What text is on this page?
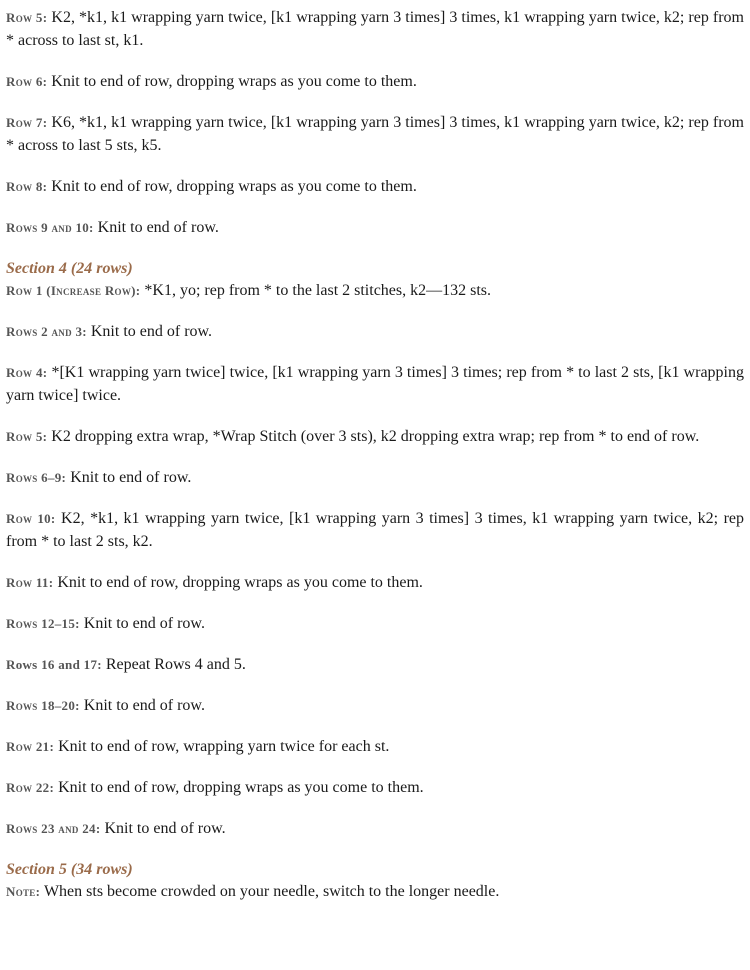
Row 5: K2, *k1, k1 wrapping yarn twice, [k1 wrapping yarn 3 times] 3 times, k1 wrapping yarn twice, k2; rep from * across to last st, k1.

Row 6: Knit to end of row, dropping wraps as you come to them.

Row 7: K6, *k1, k1 wrapping yarn twice, [k1 wrapping yarn 3 times] 3 times, k1 wrapping yarn twice, k2; rep from * across to last 5 sts, k5.

Row 8: Knit to end of row, dropping wraps as you come to them.

Rows 9 and 10: Knit to end of row.

Section 4 (24 rows)

Row 1 (Increase Row): *K1, yo; rep from * to the last 2 stitches, k2—132 sts.

Rows 2 and 3: Knit to end of row.

Row 4: *[K1 wrapping yarn twice] twice, [k1 wrapping yarn 3 times] 3 times; rep from * to last 2 sts, [k1 wrapping yarn twice] twice.

Row 5: K2 dropping extra wrap, *Wrap Stitch (over 3 sts), k2 dropping extra wrap; rep from * to end of row.

Rows 6–9: Knit to end of row.

Row 10: K2, *k1, k1 wrapping yarn twice, [k1 wrapping yarn 3 times] 3 times, k1 wrapping yarn twice, k2; rep from * to last 2 sts, k2.

Row 11: Knit to end of row, dropping wraps as you come to them.

Rows 12–15: Knit to end of row.

Rows 16 and 17: Repeat Rows 4 and 5.

Rows 18–20: Knit to end of row.

Row 21: Knit to end of row, wrapping yarn twice for each st.

Row 22: Knit to end of row, dropping wraps as you come to them.

Rows 23 and 24: Knit to end of row.

Section 5 (34 rows)

Note: When sts become crowded on your needle, switch to the longer needle.
